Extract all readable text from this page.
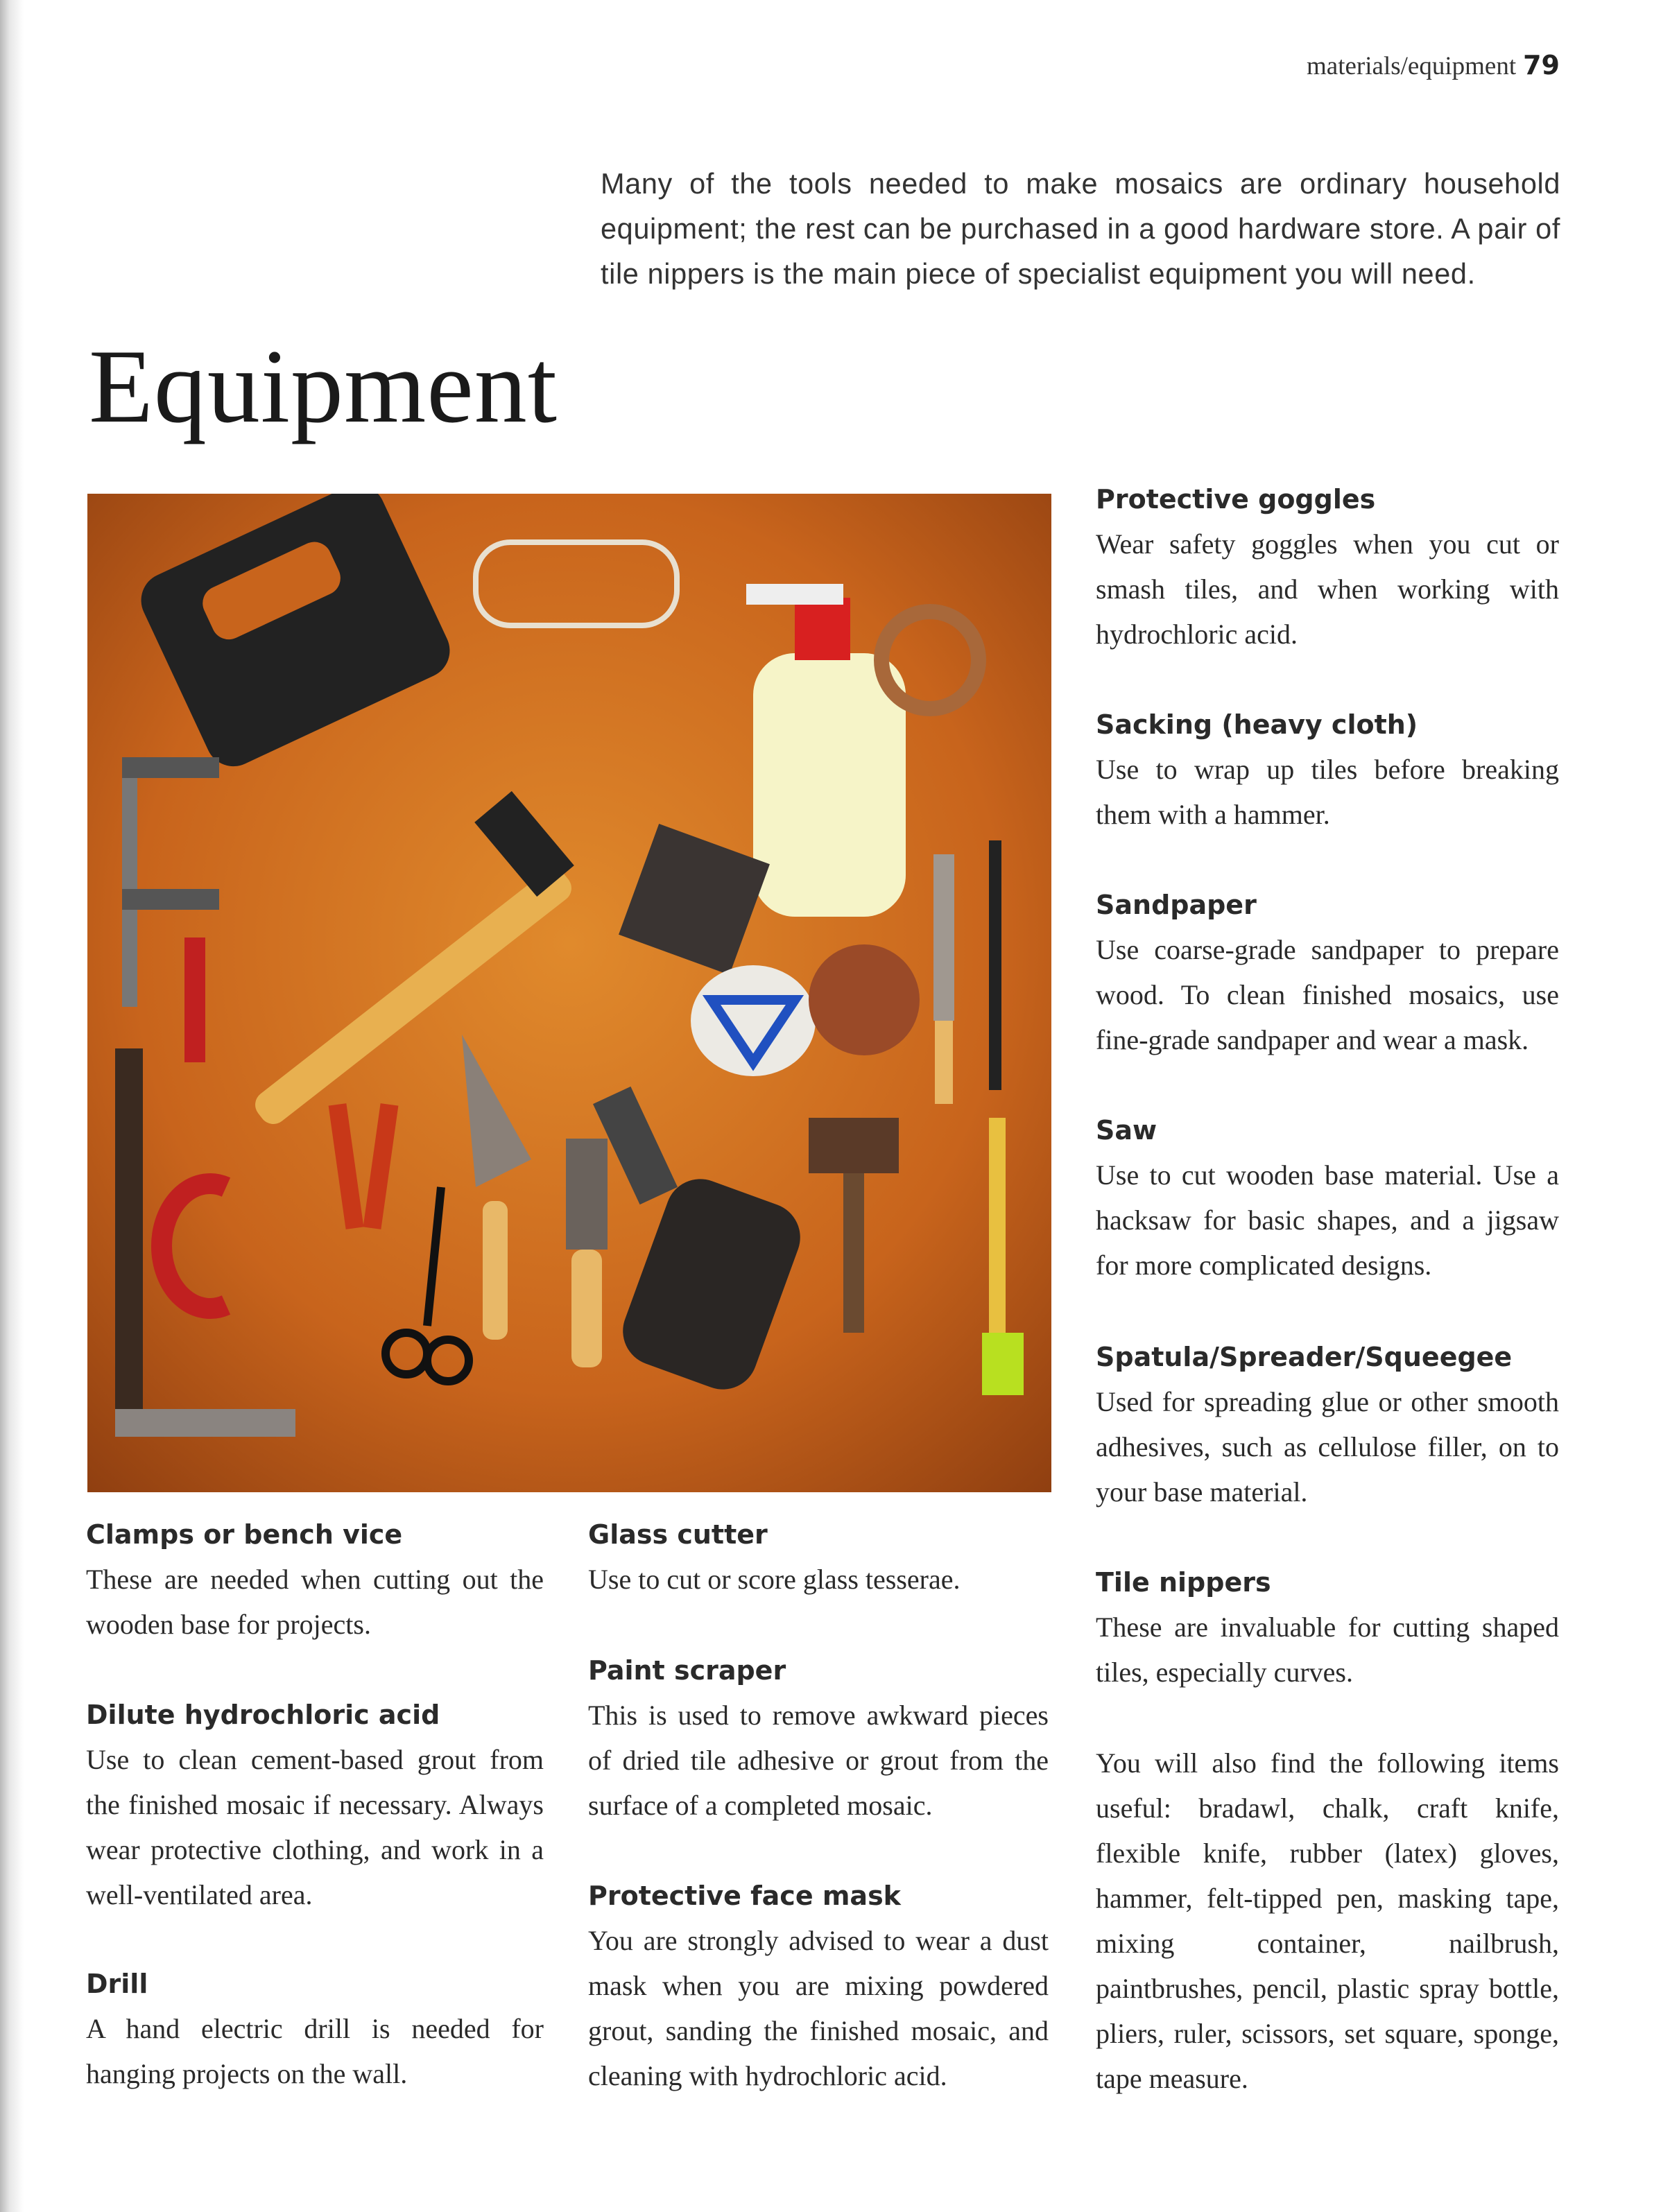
materials/equipment 79
Many of the tools needed to make mosaics are ordinary household equipment; the rest can be purchased in a good hardware store. A pair of tile nippers is the main piece of specialist equipment you will need.
Equipment
Protective goggles

Wear safety goggles when you cut or smash tiles, and when working with hydrochloric acid.

Sacking (heavy cloth)

Use to wrap up tiles before breaking them with a hammer.

Sandpaper

Use coarse-grade sandpaper to prepare wood. To clean finished mosaics, use fine-grade sandpaper and wear a mask.

Saw

Use to cut wooden base material. Use a hacksaw for basic shapes, and a jigsaw for more complicated designs.

Spatula/Spreader/Squeegee

Used for spreading glue or other smooth adhesives, such as cellulose filler, on to your base material.

Tile nippers

These are invaluable for cutting shaped tiles, especially curves.

You will also find the following items useful: bradawl, chalk, craft knife, flexible knife, rubber (latex) gloves, hammer, felt-tipped pen, masking tape, mixing container, nailbrush, paintbrushes, pencil, plastic spray bottle, pliers, ruler, scissors, set square, sponge, tape measure.

Clamps or bench vice

These are needed when cutting out the wooden base for projects.

Dilute hydrochloric acid

Use to clean cement-based grout from the finished mosaic if necessary. Always wear protective clothing, and work in a well-ventilated area.

Drill

A hand electric drill is needed for hanging projects on the wall.

Glass cutter

Use to cut or score glass tesserae.

Paint scraper

This is used to remove awkward pieces of dried tile adhesive or grout from the surface of a completed mosaic.

Protective face mask

You are strongly advised to wear a dust mask when you are mixing powdered grout, sanding the finished mosaic, and cleaning with hydrochloric acid.
